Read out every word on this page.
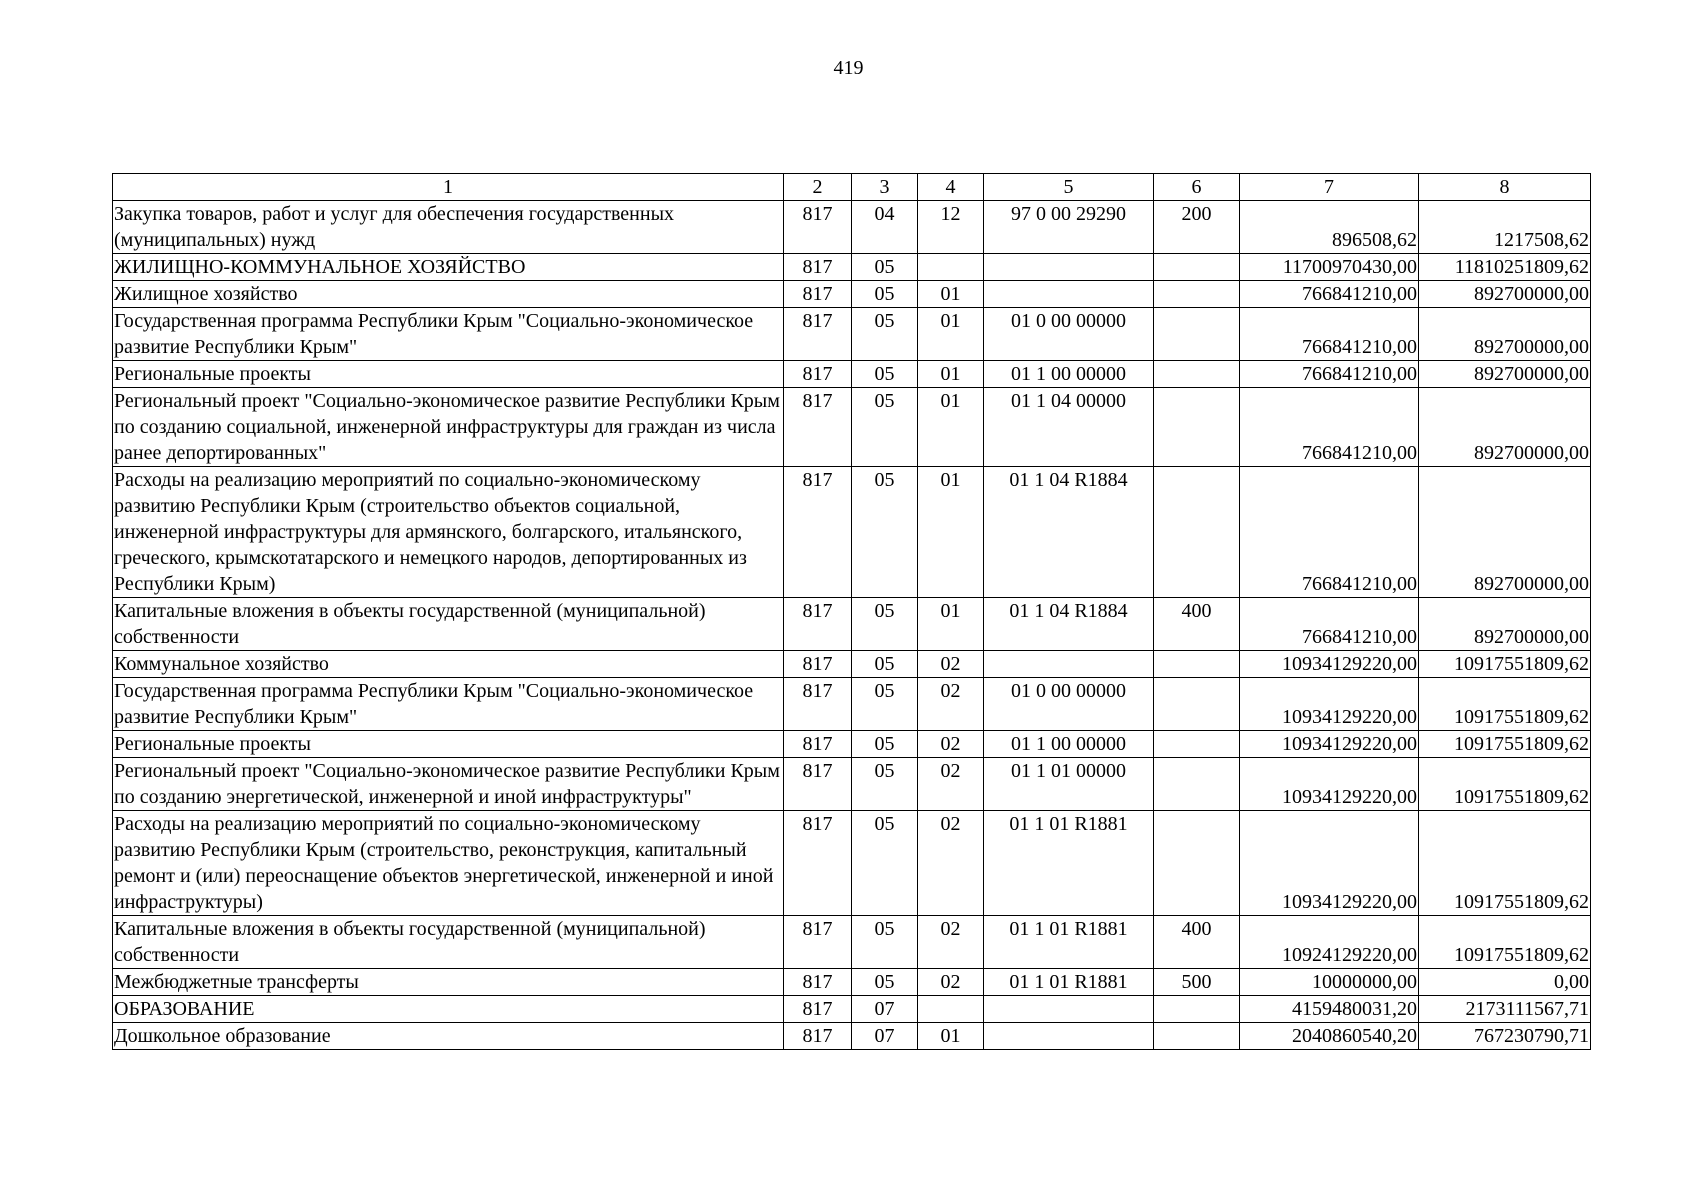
419
1	2	3	4	5	6	7	8
Закупка товаров, работ и услуг для обеспечения государственных (муниципальных) нужд	817	04	12	97 0 00 29290	200	896508,62	1217508,62
ЖИЛИЩНО-КОММУНАЛЬНОЕ ХОЗЯЙСТВО	817	05				11700970430,00	11810251809,62
Жилищное хозяйство	817	05	01			766841210,00	892700000,00
Государственная программа Республики Крым "Социально-экономическое развитие Республики Крым"	817	05	01	01 0 00 00000		766841210,00	892700000,00
Региональные проекты	817	05	01	01 1 00 00000		766841210,00	892700000,00
Региональный проект "Социально-экономическое развитие Республики Крым по созданию социальной, инженерной инфраструктуры для граждан из числа ранее депортированных"	817	05	01	01 1 04 00000		766841210,00	892700000,00
Расходы на реализацию мероприятий по социально-экономическому развитию Республики Крым (строительство объектов социальной, инженерной инфраструктуры для армянского, болгарского, итальянского, греческого, крымскотатарского и немецкого народов, депортированных из Республики Крым)	817	05	01	01 1 04 R1884		766841210,00	892700000,00
Капитальные вложения в объекты государственной (муниципальной) собственности	817	05	01	01 1 04 R1884	400	766841210,00	892700000,00
Коммунальное хозяйство	817	05	02			10934129220,00	10917551809,62
Государственная программа Республики Крым "Социально-экономическое развитие Республики Крым"	817	05	02	01 0 00 00000		10934129220,00	10917551809,62
Региональные проекты	817	05	02	01 1 00 00000		10934129220,00	10917551809,62
Региональный проект "Социально-экономическое развитие Республики Крым по созданию энергетической, инженерной и иной инфраструктуры"	817	05	02	01 1 01 00000		10934129220,00	10917551809,62
Расходы на реализацию мероприятий по социально-экономическому развитию Республики Крым (строительство, реконструкция, капитальный ремонт и (или) переоснащение объектов энергетической, инженерной и иной инфраструктуры)	817	05	02	01 1 01 R1881		10934129220,00	10917551809,62
Капитальные вложения в объекты государственной (муниципальной) собственности	817	05	02	01 1 01 R1881	400	10924129220,00	10917551809,62
Межбюджетные трансферты	817	05	02	01 1 01 R1881	500	10000000,00	0,00
ОБРАЗОВАНИЕ	817	07				4159480031,20	2173111567,71
Дошкольное образование	817	07	01			2040860540,20	767230790,71
